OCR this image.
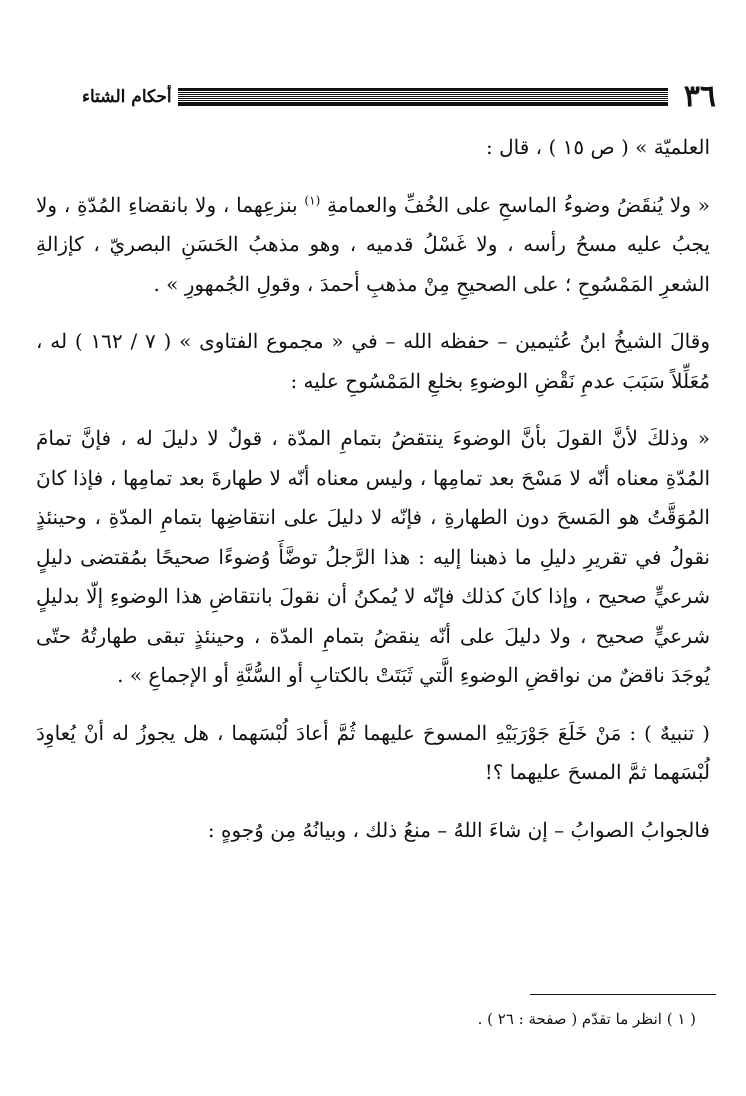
٣٦
أحكام الشتاء

العلميّة » ( ص ١٥ ) ، قال :

« ولا يُنقَضُ وضوءُ الماسحِ على الخُفِّ والعمامةِ $^{(١)}$ بنزعِهما ، ولا بانقضاءِ المُدّةِ ، ولا يجبُ عليه مسحُ رأسه ، ولا غَسْلُ قدميه ، وهو مذهبُ الحَسَنِ البصريّ ، كإزالةِ الشعرِ المَمْسُوحِ ؛ على الصحيحِ مِنْ مذهبِ أحمدَ ، وقولِ الجُمهورِ » .

وقالَ الشيخُ ابنُ عُثيمين – حفظه الله – في « مجموع الفتاوى » ( ٧ / ١٦٢ ) له ، مُعَلِّلاً سَبَبَ عدمِ نَقْضِ الوضوءِ بخلعِ المَمْسُوحِ عليه :

« وذلكَ لأنَّ القولَ بأنَّ الوضوءَ ينتقضُ بتمامِ المدّة ، قولٌ لا دليلَ له ، فإنَّ تمامَ المُدّةِ معناه أنّه لا مَسْحَ بعد تمامِها ، وليس معناه أنّه لا طهارةَ بعد تمامِها ، فإذا كانَ المُوَقَّتُ هو المَسحَ دون الطهارةِ ، فإنّه لا دليلَ على انتقاضِها بتمامِ المدّةِ ، وحينئذٍ نقولُ في تقريرِ دليلِ ما ذهبنا إليه : هذا الرَّجلُ توضَّأَ وُضوءًا صحيحًا بمُقتضى دليلٍ شرعيٍّ صحيح ، وإذا كانَ كذلك فإنّه لا يُمكنُ أن نقولَ بانتقاضِ هذا الوضوءِ إلّا بدليلٍ شرعيٍّ صحيح ، ولا دليلَ على أنّه ينقضُ بتمامِ المدّة ، وحينئذٍ تبقى طهارتُهُ حتّى يُوجَدَ ناقضٌ من نواقضِ الوضوءِ الَّتي ثَبَتَتْ بالكتابِ أو السُّنَّةِ أو الإجماعِ » .

( تنبيهٌ ) : مَنْ خَلَعَ جَوْرَبَيْهِ المسوحَ عليهما ثُمَّ أعادَ لُبْسَهما ، هل يجوزُ له أنْ يُعاوِدَ لُبْسَهما ثمَّ المسحَ عليهما ؟!

فالجوابُ الصوابُ – إن شاءَ اللهُ – منعُ ذلك ، وبيانُهُ مِن وُجوهٍ :

( ١ ) انظر ما تقدّم ( صفحة : ٢٦ ) .
